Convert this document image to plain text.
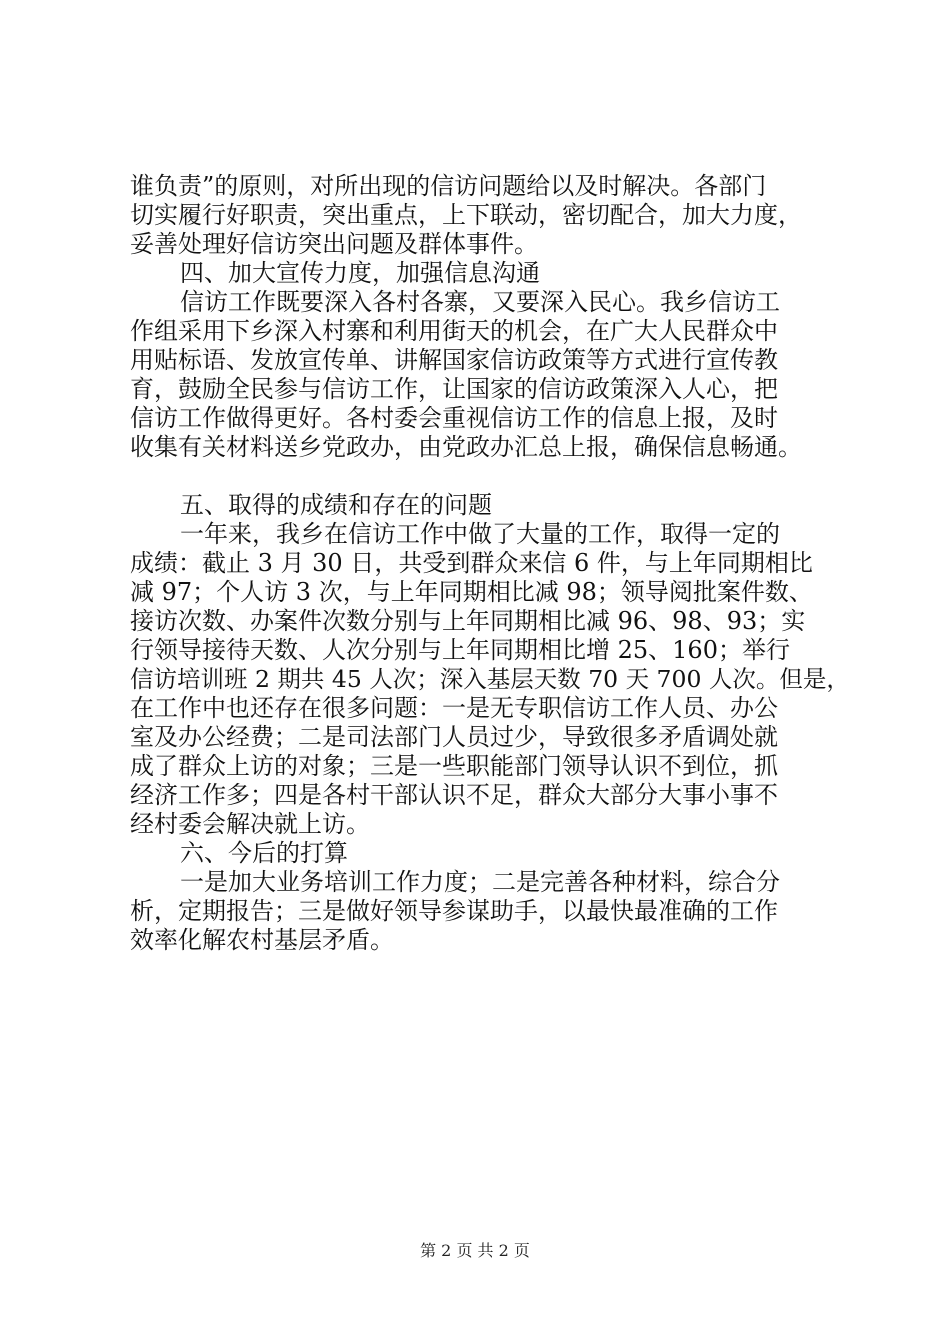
谁负责”的原则，对所出现的信访问题给以及时解决。各部门
切实履行好职责，突出重点，上下联动，密切配合，加大力度，
妥善处理好信访突出问题及群体事件。
四、加大宣传力度，加强信息沟通
信访工作既要深入各村各寨，又要深入民心。我乡信访工
作组采用下乡深入村寨和利用街天的机会，在广大人民群众中
用贴标语、发放宣传单、讲解国家信访政策等方式进行宣传教
育，鼓励全民参与信访工作，让国家的信访政策深入人心，把
信访工作做得更好。各村委会重视信访工作的信息上报，及时
收集有关材料送乡党政办，由党政办汇总上报，确保信息畅通。
五、取得的成绩和存在的问题
一年来，我乡在信访工作中做了大量的工作，取得一定的
成绩：截止 3 月 30 日，共受到群众来信 6 件，与上年同期相比
减 97；个人访 3 次，与上年同期相比减 98；领导阅批案件数、
接访次数、办案件次数分别与上年同期相比减 96、98、93；实
行领导接待天数、人次分别与上年同期相比增 25、160；举行
信访培训班 2 期共 45 人次；深入基层天数 70 天 700 人次。但是，
在工作中也还存在很多问题：一是无专职信访工作人员、办公
室及办公经费；二是司法部门人员过少，导致很多矛盾调处就
成了群众上访的对象；三是一些职能部门领导认识不到位，抓
经济工作多；四是各村干部认识不足，群众大部分大事小事不
经村委会解决就上访。
六、今后的打算
一是加大业务培训工作力度；二是完善各种材料，综合分
析，定期报告；三是做好领导参谋助手，以最快最准确的工作
效率化解农村基层矛盾。
第 2 页 共 2 页
